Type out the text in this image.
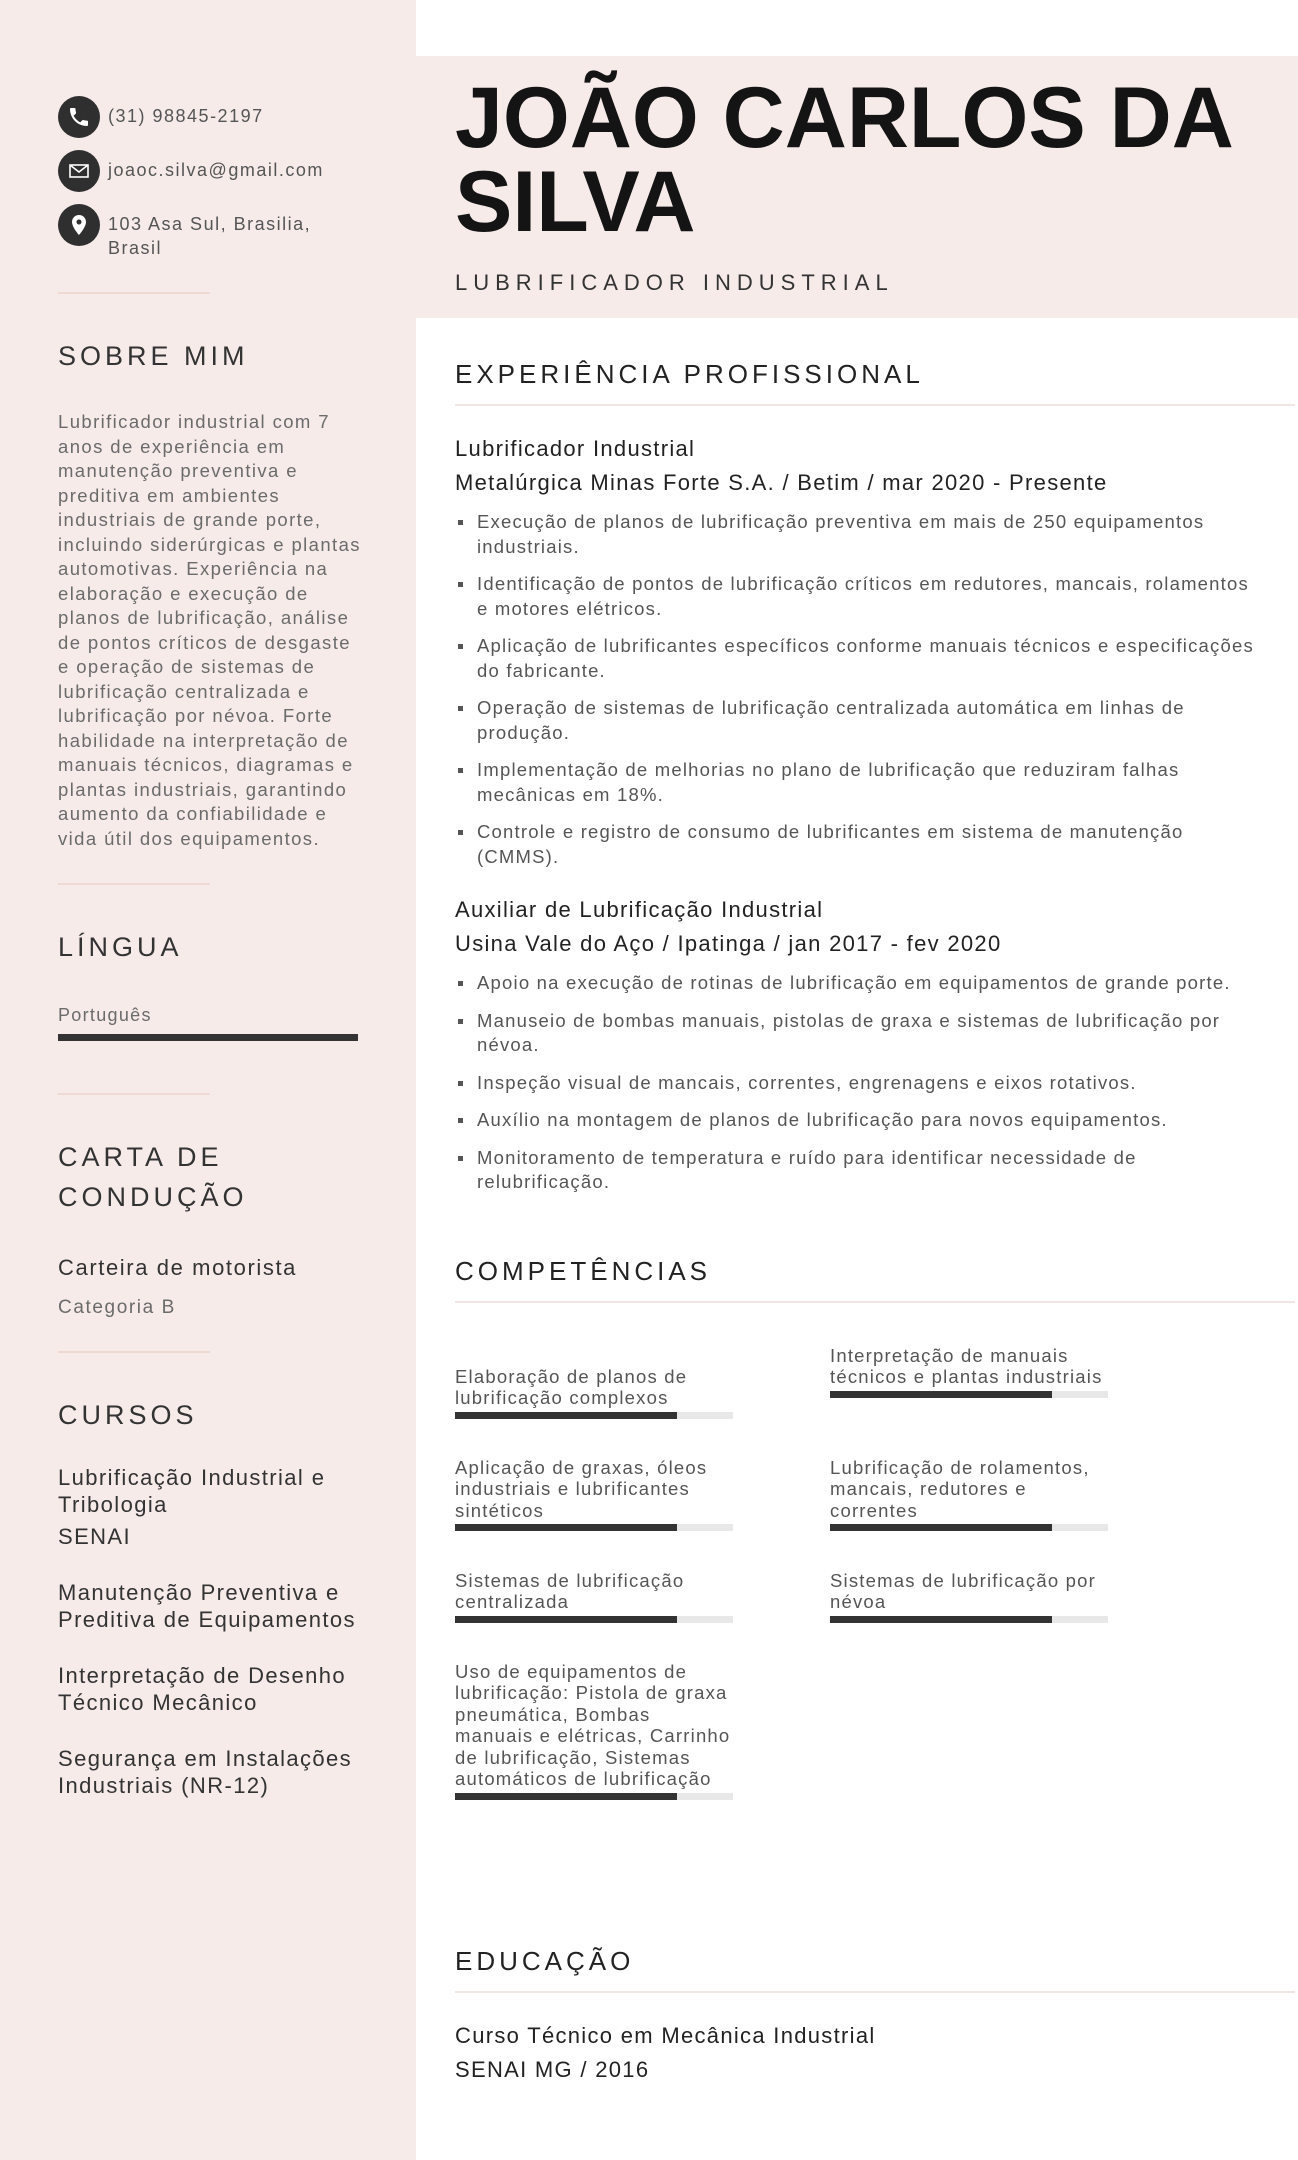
(31) 98845-2197
joaoc.silva@gmail.com
103 Asa Sul, Brasilia, Brasil
SOBRE MIM
Lubrificador industrial com 7 anos de experiência em manutenção preventiva e preditiva em ambientes industriais de grande porte, incluindo siderúrgicas e plantas automotivas. Experiência na elaboração e execução de planos de lubrificação, análise de pontos críticos de desgaste e operação de sistemas de lubrificação centralizada e lubrificação por névoa. Forte habilidade na interpretação de manuais técnicos, diagramas e plantas industriais, garantindo aumento da confiabilidade e vida útil dos equipamentos.
LÍNGUA
Português
CARTA DE CONDUÇÃO
Carteira de motorista
Categoria B
CURSOS
Lubrificação Industrial e Tribologia
SENAI
Manutenção Preventiva e Preditiva de Equipamentos
Interpretação de Desenho Técnico Mecânico
Segurança em Instalações Industriais (NR-12)
JOÃO CARLOS DA SILVA
LUBRIFICADOR INDUSTRIAL
EXPERIÊNCIA PROFISSIONAL
Lubrificador Industrial
Metalúrgica Minas Forte S.A. / Betim / mar 2020 - Presente
Execução de planos de lubrificação preventiva em mais de 250 equipamentos industriais.
Identificação de pontos de lubrificação críticos em redutores, mancais, rolamentos e motores elétricos.
Aplicação de lubrificantes específicos conforme manuais técnicos e especificações do fabricante.
Operação de sistemas de lubrificação centralizada automática em linhas de produção.
Implementação de melhorias no plano de lubrificação que reduziram falhas mecânicas em 18%.
Controle e registro de consumo de lubrificantes em sistema de manutenção (CMMS).
Auxiliar de Lubrificação Industrial
Usina Vale do Aço / Ipatinga / jan 2017 - fev 2020
Apoio na execução de rotinas de lubrificação em equipamentos de grande porte.
Manuseio de bombas manuais, pistolas de graxa e sistemas de lubrificação por névoa.
Inspeção visual de mancais, correntes, engrenagens e eixos rotativos.
Auxílio na montagem de planos de lubrificação para novos equipamentos.
Monitoramento de temperatura e ruído para identificar necessidade de relubrificação.
COMPETÊNCIAS
Elaboração de planos de lubrificação complexos
Interpretação de manuais técnicos e plantas industriais
Aplicação de graxas, óleos industriais e lubrificantes sintéticos
Lubrificação de rolamentos, mancais, redutores e correntes
Sistemas de lubrificação centralizada
Sistemas de lubrificação por névoa
Uso de equipamentos de lubrificação: Pistola de graxa pneumática, Bombas manuais e elétricas, Carrinho de lubrificação, Sistemas automáticos de lubrificação
EDUCAÇÃO
Curso Técnico em Mecânica Industrial
SENAI MG / 2016
